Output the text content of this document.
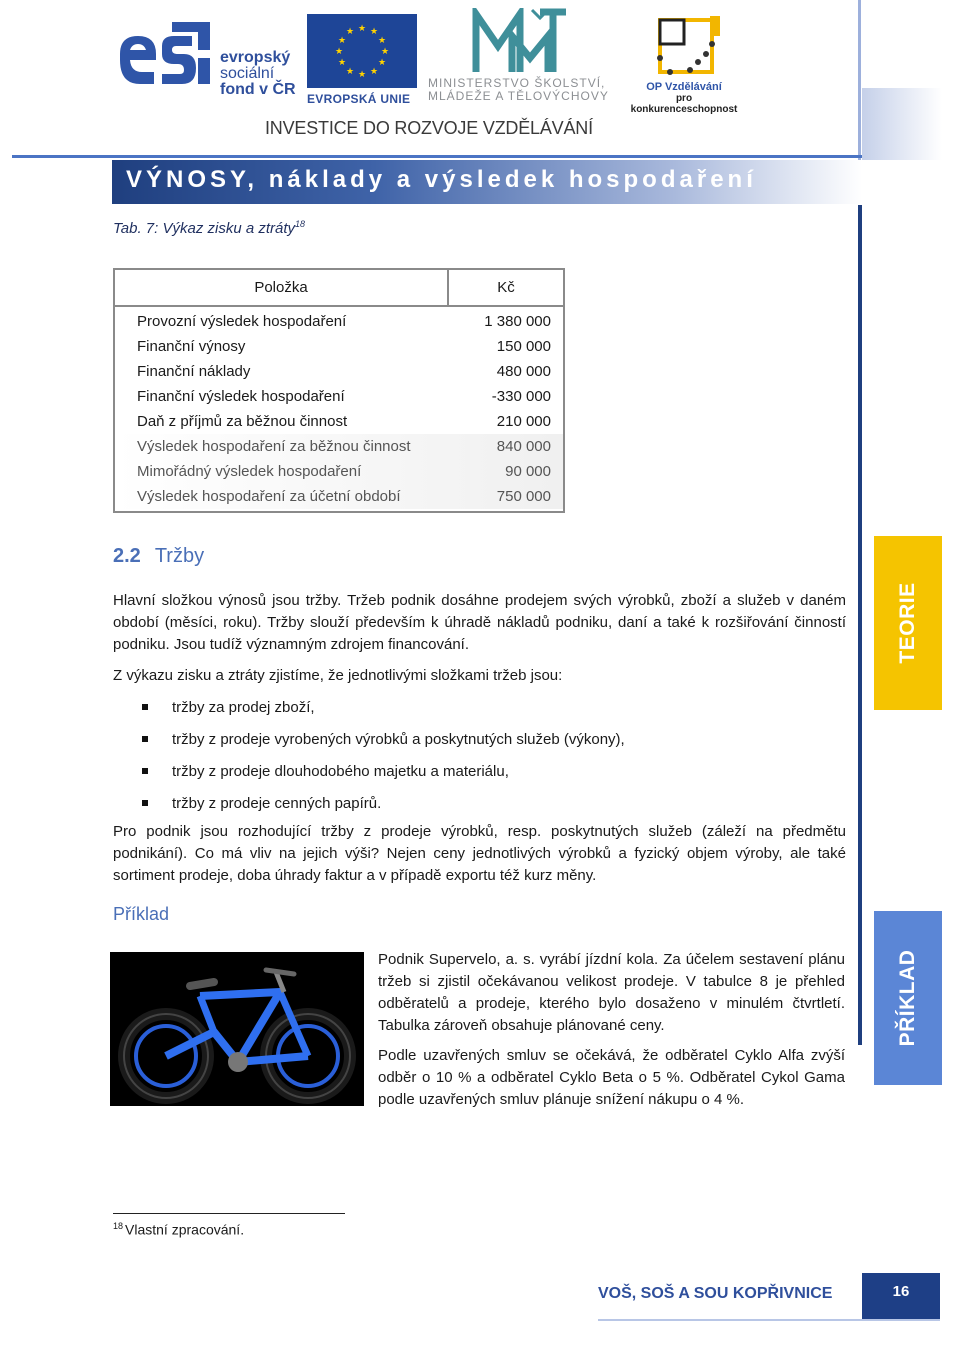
evropský
sociální
fond v ČR
★ ★
★
★
★
★
★
★
★
★
★
★
EVROPSKÁ UNIE
MINISTERSTVO ŠKOLSTVÍ,
MLÁDEŽE A TĚLOVÝCHOVY
OP Vzdělávání
pro konkurenceschopnost
INVESTICE DO ROZVOJE VZDĚLÁVÁNÍ
VÝNOSY, náklady a výsledek hospodaření
Tab. 7: Výkaz zisku a ztráty$^{18}$
Položka	Kč
Provozní výsledek hospodaření	1 380 000
Finanční výnosy	150 000
Finanční náklady	480 000
Finanční výsledek hospodaření	-330 000
Daň z příjmů za běžnou činnost	210 000
Výsledek hospodaření za běžnou činnost	840 000
Mimořádný výsledek hospodaření	90 000
Výsledek hospodaření za účetní období	750 000
2.2 Tržby
Hlavní složkou výnosů jsou tržby. Tržeb podnik dosáhne prodejem svých výrobků, zboží a služeb v daném období (měsíci, roku). Tržby slouží především k úhradě nákladů podniku, daní a také k rozšiřování činností podniku. Jsou tudíž významným zdrojem financování.
Z výkazu zisku a ztráty zjistíme, že jednotlivými složkami tržeb jsou:
tržby za prodej zboží,
tržby z prodeje vyrobených výrobků a poskytnutých služeb (výkony),
tržby z prodeje dlouhodobého majetku a materiálu,
tržby z prodeje cenných papírů.
Pro podnik jsou rozhodující tržby z prodeje výrobků, resp. poskytnutých služeb (záleží na předmětu podnikání). Co má vliv na jejich výši? Nejen ceny jednotlivých výrobků a fyzický objem výroby, ale také sortiment prodeje, doba úhrady faktur a v případě exportu též kurz měny.
Příklad
Podnik Supervelo, a. s. vyrábí jízdní kola. Za účelem sestavení plánu tržeb si zjistil očekávanou velikost prodeje. V tabulce 8 je přehled odběratelů a prodeje, kterého bylo dosaženo v minulém čtvrtletí. Tabulka zároveň obsahuje plánované ceny.
Podle uzavřených smluv se očekává, že odběratel Cyklo Alfa zvýší odběr o 10 % a odběratel Cyklo Beta o 5 %. Odběratel Cykol Gama podle uzavřených smluv plánuje snížení nákupu o 4 %.
TEORIE
PŘÍKLAD
$^{18}$ Vlastní zpracování.
VOŠ, SOŠ A SOU KOPŘIVNICE	16
